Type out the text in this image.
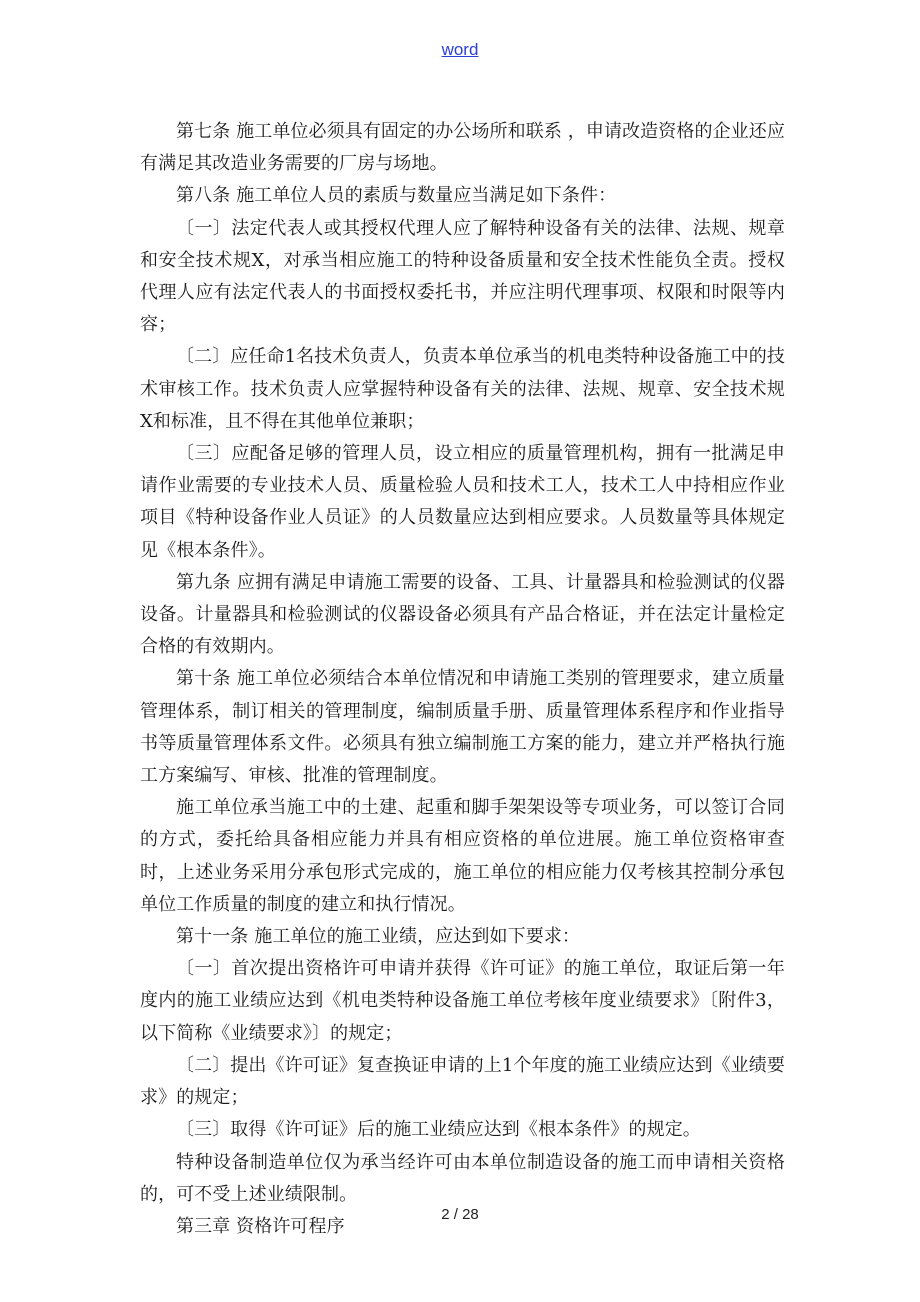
word

第七条 施工单位必须具有固定的办公场所和联系 ，申请改造资格的企业还应有满足其改造业务需要的厂房与场地。

第八条 施工单位人员的素质与数量应当满足如下条件：

〔一〕法定代表人或其授权代理人应了解特种设备有关的法律、法规、规章和安全技术规X，对承当相应施工的特种设备质量和安全技术性能负全责。授权代理人应有法定代表人的书面授权委托书，并应注明代理事项、权限和时限等内容；

〔二〕应任命1名技术负责人，负责本单位承当的机电类特种设备施工中的技术审核工作。技术负责人应掌握特种设备有关的法律、法规、规章、安全技术规X和标准，且不得在其他单位兼职；

〔三〕应配备足够的管理人员，设立相应的质量管理机构，拥有一批满足申请作业需要的专业技术人员、质量检验人员和技术工人，技术工人中持相应作业项目《特种设备作业人员证》的人员数量应达到相应要求。人员数量等具体规定见《根本条件》。

第九条 应拥有满足申请施工需要的设备、工具、计量器具和检验测试的仪器设备。计量器具和检验测试的仪器设备必须具有产品合格证，并在法定计量检定合格的有效期内。

第十条 施工单位必须结合本单位情况和申请施工类别的管理要求，建立质量管理体系，制订相关的管理制度，编制质量手册、质量管理体系程序和作业指导书等质量管理体系文件。必须具有独立编制施工方案的能力，建立并严格执行施工方案编写、审核、批准的管理制度。

施工单位承当施工中的土建、起重和脚手架架设等专项业务，可以签订合同的方式，委托给具备相应能力并具有相应资格的单位进展。施工单位资格审查时，上述业务采用分承包形式完成的，施工单位的相应能力仅考核其控制分承包单位工作质量的制度的建立和执行情况。

第十一条 施工单位的施工业绩，应达到如下要求：

〔一〕首次提出资格许可申请并获得《许可证》的施工单位，取证后第一年度内的施工业绩应达到《机电类特种设备施工单位考核年度业绩要求》〔附件3，以下简称《业绩要求》〕的规定；

〔二〕提出《许可证》复查换证申请的上1个年度的施工业绩应达到《业绩要求》的规定；

〔三〕取得《许可证》后的施工业绩应达到《根本条件》的规定。

特种设备制造单位仅为承当经许可由本单位制造设备的施工而申请相关资格的，可不受上述业绩限制。

第三章 资格许可程序

2 / 28
